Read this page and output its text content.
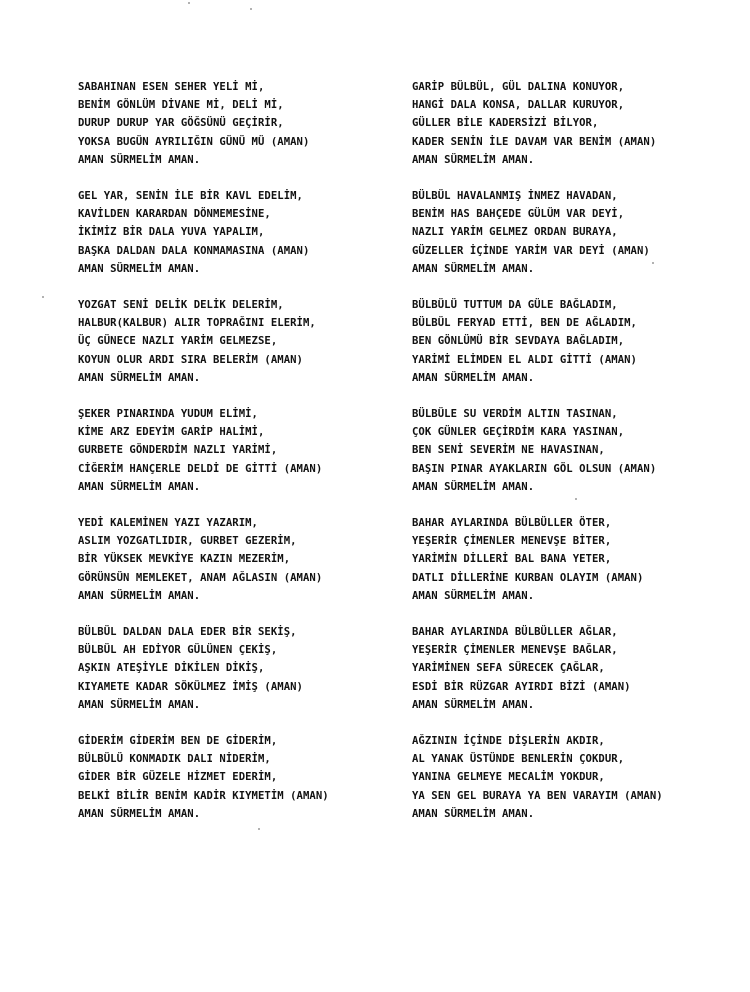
SABAHINAN ESEN SEHER YELİ Mİ,
BENİM GÖNLÜM DİVANE Mİ, DELİ Mİ,
DURUP DURUP YAR GÖĞSÜNÜ GEÇİRİR,
YOKSA BUGÜN AYRILIĞIN GÜNÜ MÜ (AMAN)
AMAN SÜRMELİM AMAN.
GEL YAR, SENİN İLE BİR KAVL EDELİM,
KAVİLDEN KARARDAN DÖNMEMESİNE,
İKİMİZ BİR DALA YUVA YAPALIM,
BAŞKA DALDAN DALA KONMAMASINA (AMAN)
AMAN SÜRMELİM AMAN.
YOZGAT SENİ DELİK DELİK DELERİM,
HALBUR(KALBUR) ALIR TOPRAĞINI ELERİM,
ÜÇ GÜNECE NAZLI YARİM GELMEZSE,
KOYUN OLUR ARDI SIRA BELERİM (AMAN)
AMAN SÜRMELİM AMAN.
ŞEKER PINARINDA YUDUM ELİMİ,
KİME ARZ EDEYİM GARİP HALİMİ,
GURBETE GÖNDERDİM NAZLI YARİMİ,
CİĞERİM HANÇERLE DELDİ DE GİTTİ (AMAN)
AMAN SÜRMELİM AMAN.
YEDİ KALEMİNEN YAZI YAZARIM,
ASLIM YOZGATLIDIR, GURBET GEZERİM,
BİR YÜKSEK MEVKİYE KAZIN MEZERİM,
GÖRÜNSÜN MEMLEKET, ANAM AĞLASIN (AMAN)
AMAN SÜRMELİM AMAN.
BÜLBÜL DALDAN DALA EDER BİR SEKİŞ,
BÜLBÜL AH EDİYOR GÜLÜNEN ÇEKİŞ,
AŞKIN ATEŞİYLE DİKİLEN DİKİŞ,
KIYAMETE KADAR SÖKÜLMEZ İMİŞ (AMAN)
AMAN SÜRMELİM AMAN.
GİDERİM GİDERİM BEN DE GİDERİM,
BÜLBÜLÜ KONMADIK DALI NİDERİM,
GİDER BİR GÜZELE HİZMET EDERİM,
BELKİ BİLİR BENİM KADİR KIYMETİM (AMAN)
AMAN SÜRMELİM AMAN.
GARİP BÜLBÜL, GÜL DALINA KONUYOR,
HANGİ DALA KONSA, DALLAR KURUYOR,
GÜLLER BİLE KADERSİZİ BİLYOR,
KADER SENİN İLE DAVAM VAR BENİM (AMAN)
AMAN SÜRMELİM AMAN.
BÜLBÜL HAVALANMIŞ İNMEZ HAVADAN,
BENİM HAS BAHÇEDE GÜLÜM VAR DEYİ,
NAZLI YARİM GELMEZ ORDAN BURAYA,
GÜZELLER İÇİNDE YARİM VAR DEYİ (AMAN)
AMAN SÜRMELİM AMAN.
BÜLBÜLÜ TUTTUM DA GÜLE BAĞLADIM,
BÜLBÜL FERYAD ETTİ, BEN DE AĞLADIM,
BEN GÖNLÜMÜ BİR SEVDAYA BAĞLADIM,
YARİMİ ELİMDEN EL ALDI GİTTİ (AMAN)
AMAN SÜRMELİM AMAN.
BÜLBÜLE SU VERDİM ALTIN TASINAN,
ÇOK GÜNLER GEÇİRDİM KARA YASINAN,
BEN SENİ SEVERİM NE HAVASINAN,
BAŞIN PINAR AYAKLARIN GÖL OLSUN (AMAN)
AMAN SÜRMELİM AMAN.
BAHAR AYLARINDA BÜLBÜLLER ÖTER,
YEŞERİR ÇİMENLER MENEVŞE BİTER,
YARİMİN DİLLERİ BAL BANA YETER,
DATLI DİLLERİNE KURBAN OLAYIM (AMAN)
AMAN SÜRMELİM AMAN.
BAHAR AYLARINDA BÜLBÜLLER AĞLAR,
YEŞERİR ÇİMENLER MENEVŞE BAĞLAR,
YARİMİNEN SEFA SÜRECEK ÇAĞLAR,
ESDİ BİR RÜZGAR AYIRDI BİZİ (AMAN)
AMAN SÜRMELİM AMAN.
AĞZININ İÇİNDE DİŞLERİN AKDIR,
AL YANAK ÜSTÜNDE BENLERİN ÇOKDUR,
YANINA GELMEYE MECALİM YOKDUR,
YA SEN GEL BURAYA YA BEN VARAYIM (AMAN)
AMAN SÜRMELİM AMAN.
